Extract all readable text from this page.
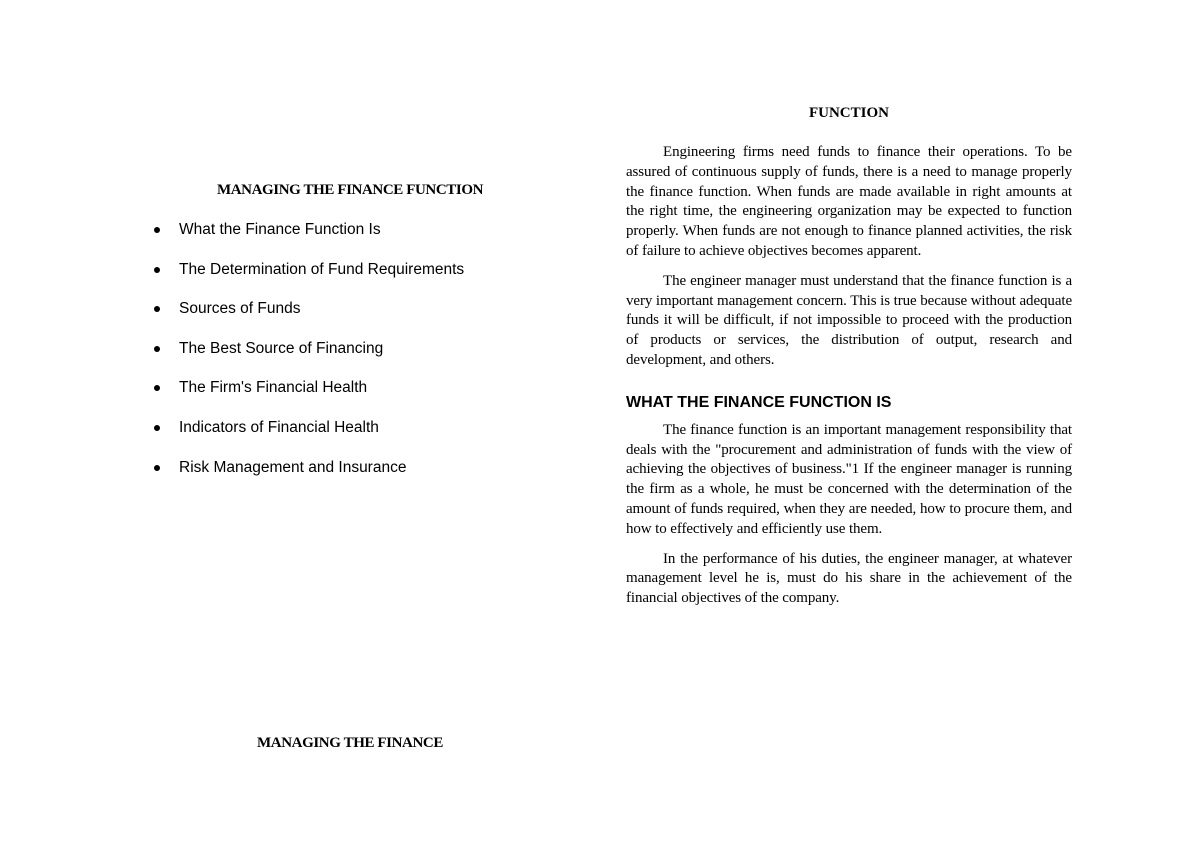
MANAGING THE FINANCE FUNCTION
What the Finance Function Is
The Determination of Fund Requirements
Sources of Funds
The Best Source of Financing
The Firm's Financial Health
Indicators of Financial Health
Risk Management and Insurance
MANAGING THE FINANCE
FUNCTION

Engineering firms need funds to finance their operations. To be assured of continuous supply of funds, there is a need to manage properly the finance function. When funds are made available in right amounts at the right time, the engineering organization may be expected to function properly. When funds are not enough to finance planned activities, the risk of failure to achieve objectives becomes apparent.

The engineer manager must understand that the finance function is a very important management concern. This is true because without adequate funds it will be difficult, if not impossible to proceed with the production of products or services, the distribution of output, research and development, and others.

WHAT THE FINANCE FUNCTION IS

The finance function is an important management responsibility that deals with the "procurement and administration of funds with the view of achieving the objectives of business."1 If the engineer manager is running the firm as a whole, he must be concerned with the determination of the amount of funds required, when they are needed, how to procure them, and how to effectively and efficiently use them.

In the performance of his duties, the engineer manager, at whatever management level he is, must do his share in the achievement of the financial objectives of the company.
